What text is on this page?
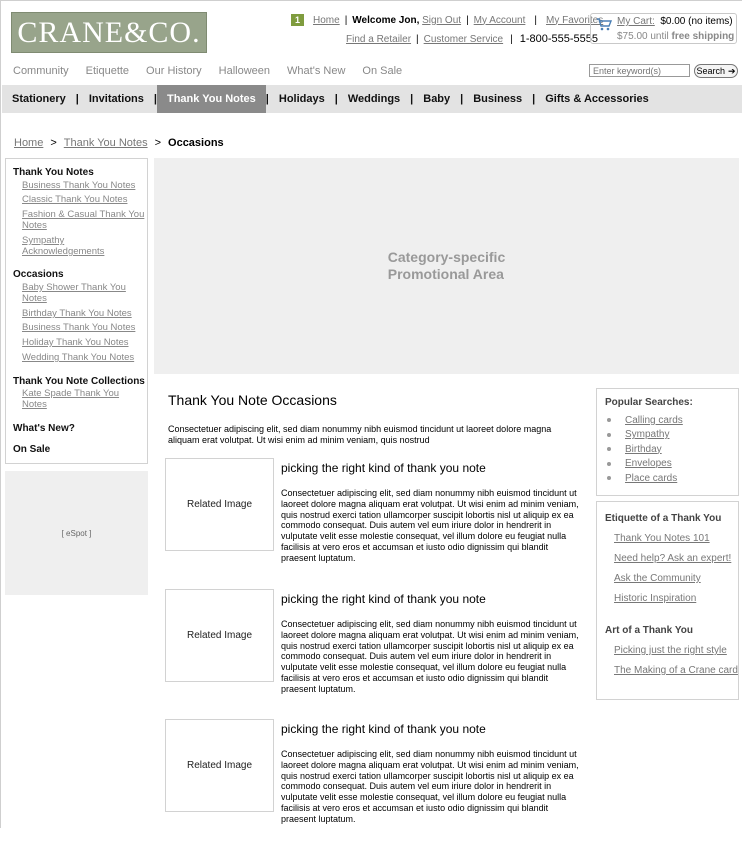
CRANE&CO.	1	Home | Welcome Jon,
Sign Out | My Account | My Favorites
Find a Retailer | Customer Service | 1-800-555-5555
My Cart: $0.00 (no items)
$75.00 until free shipping
Community Etiquette Our History Halloween What's New On Sale
Enter keyword(s)	Search ➔
Stationery | Invitations | Thank You Notes | Holidays | Weddings | Baby | Business | Gifts & Accessories
Home > Thank You Notes > Occasions
Thank You Notes
Business Thank You Notes
Classic Thank You Notes
Fashion & Casual Thank You Notes
Sympathy Acknowledgements
Occasions
Baby Shower Thank You Notes
Birthday Thank You Notes
Business Thank You Notes
Holiday Thank You Notes
Wedding Thank You Notes
Thank You Note Collections
Kate Spade Thank You Notes
What's New?
On Sale
[ eSpot ]
Category-specific
Promotional Area
Thank You Note Occasions
Consectetuer adipiscing elit, sed diam nonummy nibh euismod tincidunt ut laoreet dolore magna aliquam erat volutpat. Ut wisi enim ad minim veniam, quis nostrud
Related Image
picking the right kind of thank you note
Consectetuer adipiscing elit, sed diam nonummy nibh euismod tincidunt ut laoreet dolore magna aliquam erat volutpat. Ut wisi enim ad minim veniam, quis nostrud exerci tation ullamcorper suscipit lobortis nisl ut aliquip ex ea commodo consequat. Duis autem vel eum iriure dolor in hendrerit in vulputate velit esse molestie consequat, vel illum dolore eu feugiat nulla facilisis at vero eros et accumsan et iusto odio dignissim qui blandit praesent luptatum.
Related Image
picking the right kind of thank you note
Consectetuer adipiscing elit, sed diam nonummy nibh euismod tincidunt ut laoreet dolore magna aliquam erat volutpat. Ut wisi enim ad minim veniam, quis nostrud exerci tation ullamcorper suscipit lobortis nisl ut aliquip ex ea commodo consequat. Duis autem vel eum iriure dolor in hendrerit in vulputate velit esse molestie consequat, vel illum dolore eu feugiat nulla facilisis at vero eros et accumsan et iusto odio dignissim qui blandit praesent luptatum.
Related Image
picking the right kind of thank you note
Consectetuer adipiscing elit, sed diam nonummy nibh euismod tincidunt ut laoreet dolore magna aliquam erat volutpat. Ut wisi enim ad minim veniam, quis nostrud exerci tation ullamcorper suscipit lobortis nisl ut aliquip ex ea commodo consequat. Duis autem vel eum iriure dolor in hendrerit in vulputate velit esse molestie consequat, vel illum dolore eu feugiat nulla facilisis at vero eros et accumsan et iusto odio dignissim qui blandit praesent luptatum.
Popular Searches:
Calling cards
Sympathy
Birthday
Envelopes
Place cards
Etiquette of a Thank You
Thank You Notes 101
Need help? Ask an expert!
Ask the Community
Historic Inspiration
Art of a Thank You
Picking just the right style
The Making of a Crane card
